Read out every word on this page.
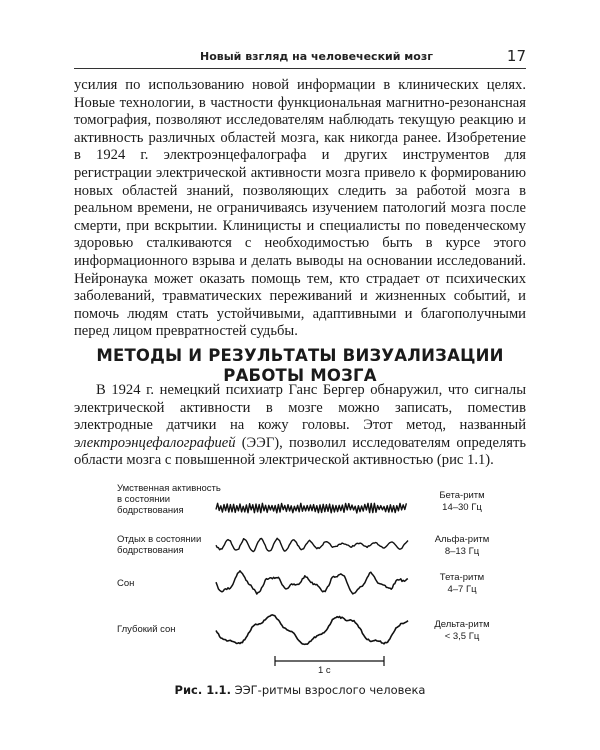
Новый взгляд на человеческий мозг	17

усилия по использованию новой информации в клинических целях. Новые технологии, в частности функциональная магнитно-резонансная томография, позволяют исследователям наблюдать текущую реакцию и активность различных областей мозга, как никогда ранее. Изобретение в 1924 г. электроэнцефалографа и других инструментов для регистрации электрической активности мозга привело к формированию новых областей знаний, позволяющих следить за работой мозга в реальном времени, не ограничиваясь изучением патологий мозга после смерти, при вскрытии. Клиницисты и специалисты по поведенческому здоровью сталкиваются с необходимостью быть в курсе этого информационного взрыва и делать выводы на основании исследований. Нейронаука может оказать помощь тем, кто страдает от психических заболеваний, травматических переживаний и жизненных событий, и помочь людям стать устойчивыми, адаптивными и благополучными перед лицом превратностей судьбы.

МЕТОДЫ И РЕЗУЛЬТАТЫ ВИЗУАЛИЗАЦИИ
РАБОТЫ МОЗГА

В 1924 г. немецкий психиатр Ганс Бергер обнаружил, что сигналы электрической активности в мозге можно записать, поместив электродные датчики на кожу головы. Этот метод, названный электроэнцефалографией (ЭЭГ), позволил исследователям определять области мозга с повышенной электрической активностью (рис 1.1).

Умственная активность
в состоянии
бодрствования
Отдых в состоянии
бодрствования
Сон
Глубокий сон
Бета-ритм
14–30 Гц
Альфа-ритм
8–13 Гц
Тета-ритм
4–7 Гц
Дельта-ритм
< 3,5 Гц
1 с
Рис. 1.1. ЭЭГ-ритмы взрослого человека
